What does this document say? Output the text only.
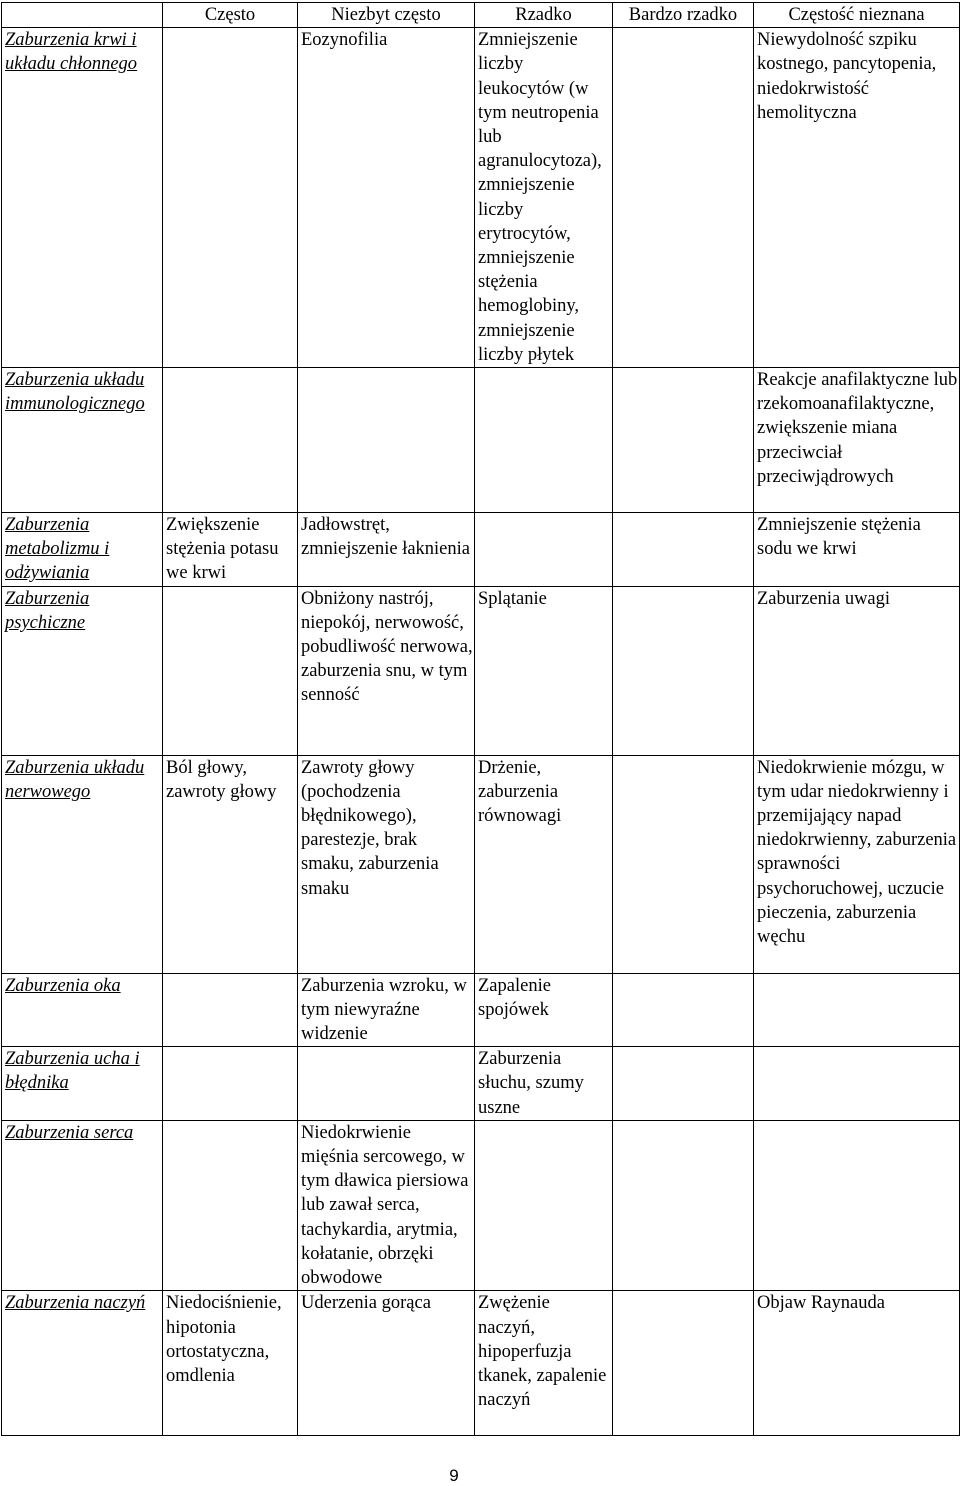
	Często	Niezbyt często	Rzadko	Bardzo rzadko	Częstość nieznana
Zaburzenia krwi i układu chłonnego		Eozynofilia	Zmniejszenie liczby leukocytów (w tym neutropenia lub agranulocytoza), zmniejszenie liczby erytrocytów, zmniejszenie stężenia hemoglobiny, zmniejszenie liczby płytek		Niewydolność szpiku kostnego, pancytopenia, niedokrwistość hemolityczna
Zaburzenia układu immunologicznego					Reakcje anafilaktyczne lub rzekomoanafilaktyczne, zwiększenie miana przeciwciał przeciwjądrowych
Zaburzenia metabolizmu i odżywiania	Zwiększenie stężenia potasu we krwi	Jadłowstręt, zmniejszenie łaknienia			Zmniejszenie stężenia sodu we krwi
Zaburzenia psychiczne		Obniżony nastrój, niepokój, nerwowość, pobudliwość nerwowa, zaburzenia snu, w tym senność	Splątanie		Zaburzenia uwagi
Zaburzenia układu nerwowego	Ból głowy, zawroty głowy	Zawroty głowy (pochodzenia błędnikowego), parestezje, brak smaku, zaburzenia smaku	Drżenie, zaburzenia równowagi		Niedokrwienie mózgu, w tym udar niedokrwienny i przemijający napad niedokrwienny, zaburzenia sprawności psychoruchowej, uczucie pieczenia, zaburzenia węchu
Zaburzenia oka		Zaburzenia wzroku, w tym niewyraźne widzenie	Zapalenie spojówek		
Zaburzenia ucha i błędnika			Zaburzenia słuchu, szumy uszne		
Zaburzenia serca		Niedokrwienie mięśnia sercowego, w tym dławica piersiowa lub zawał serca, tachykardia, arytmia, kołatanie, obrzęki obwodowe			
Zaburzenia naczyń	Niedociśnienie, hipotonia ortostatyczna, omdlenia	Uderzenia gorąca	Zwężenie naczyń, hipoperfuzja tkanek, zapalenie naczyń		Objaw Raynauda
9
